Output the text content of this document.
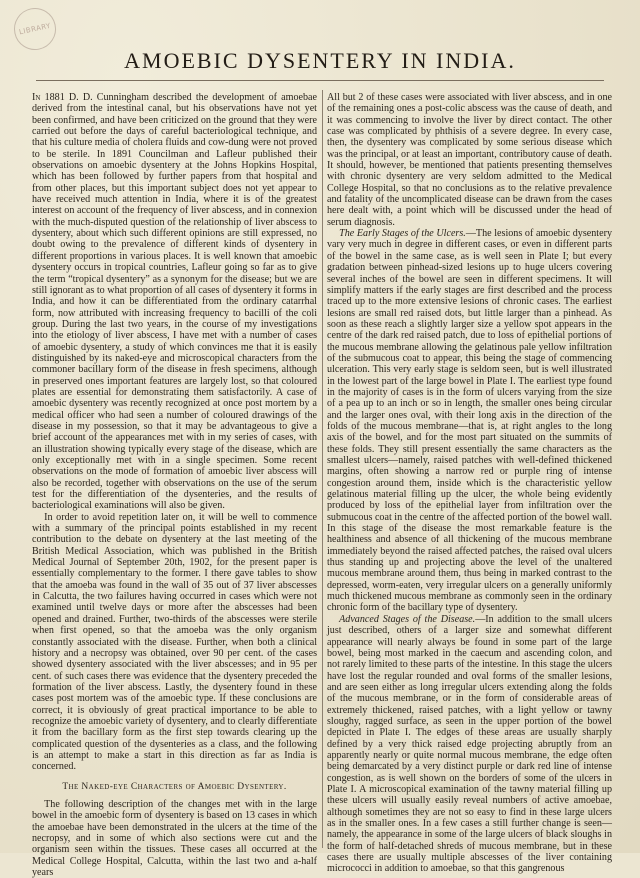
LIBRARY
AMOEBIC DYSENTERY IN INDIA.

In 1881 D. D. Cunningham described the development of amoebae derived from the intestinal canal, but his observations have not yet been confirmed, and have been criticized on the ground that they were carried out before the days of careful bacteriological technique, and that his culture media of cholera fluids and cow-dung were not proved to be sterile. In 1891 Councilman and Lafleur published their observations on amoebic dysentery at the Johns Hopkins Hospital, which has been followed by further papers from that hospital and from other places, but this important subject does not yet appear to have received much attention in India, where it is of the greatest interest on account of the frequency of liver abscess, and in connexion with the much-disputed question of the relationship of liver abscess to dysentery, about which such different opinions are still expressed, no doubt owing to the prevalence of different kinds of dysentery in different proportions in various places. It is well known that amoebic dysentery occurs in tropical countries, Lafleur going so far as to give the term “tropical dysentery” as a synonym for the disease; but we are still ignorant as to what proportion of all cases of dysentery it forms in India, and how it can be differentiated from the ordinary catarrhal form, now attributed with increasing frequency to bacilli of the coli group. During the last two years, in the course of my investigations into the etiology of liver abscess, I have met with a number of cases of amoebic dysentery, a study of which convinces me that it is easily distinguished by its naked-eye and microscopical characters from the commoner bacillary form of the disease in fresh specimens, although in preserved ones important features are largely lost, so that coloured plates are essential for demonstrating them satisfactorily. A case of amoebic dysentery was recently recognized at once post mortem by a medical officer who had seen a number of coloured drawings of the disease in my possession, so that it may be advantageous to give a brief account of the appearances met with in my series of cases, with an illustration showing typically every stage of the disease, which are only exceptionally met with in a single specimen. Some recent observations on the mode of formation of amoebic liver abscess will also be recorded, together with observations on the use of the serum test for the differentiation of the dysenteries, and the results of bacteriological examinations will also be given.

In order to avoid repetition later on, it will be well to commence with a summary of the principal points established in my recent contribution to the debate on dysentery at the last meeting of the British Medical Association, which was published in the British Medical Journal of September 20th, 1902, for the present paper is essentially complementary to the former. I there gave tables to show that the amoeba was found in the wall of 35 out of 37 liver abscesses in Calcutta, the two failures having occurred in cases which were not examined until twelve days or more after the abscesses had been opened and drained. Further, two-thirds of the abscesses were sterile when first opened, so that the amoeba was the only organism constantly associated with the disease. Further, when both a clinical history and a necropsy was obtained, over 90 per cent. of the cases showed dysentery associated with the liver abscesses; and in 95 per cent. of such cases there was evidence that the dysentery preceded the formation of the liver abscess. Lastly, the dysentery found in these cases post mortem was of the amoebic type. If these conclusions are correct, it is obviously of great practical importance to be able to recognize the amoebic variety of dysentery, and to clearly differentiate it from the bacillary form as the first step towards clearing up the complicated question of the dysenteries as a class, and the following is an attempt to make a start in this direction as far as India is concerned.

The Naked-eye Characters of Amoebic Dysentery.

The following description of the changes met with in the large bowel in the amoebic form of dysentery is based on 13 cases in which the amoebae have been demonstrated in the ulcers at the time of the necropsy, and in some of which also sections were cut and the organism seen within the tissues. These cases all occurred at the Medical College Hospital, Calcutta, within the last two and a-half years

All but 2 of these cases were associated with liver abscess, and in one of the remaining ones a post-colic abscess was the cause of death, and it was commencing to involve the liver by direct contact. The other case was complicated by phthisis of a severe degree. In every case, then, the dysentery was complicated by some serious disease which was the principal, or at least an important, contributory cause of death. It should, however, be mentioned that patients presenting themselves with chronic dysentery are very seldom admitted to the Medical College Hospital, so that no conclusions as to the relative prevalence and fatality of the uncomplicated disease can be drawn from the cases here dealt with, a point which will be discussed under the head of serum diagnosis.

The Early Stages of the Ulcers.—The lesions of amoebic dysentery vary very much in degree in different cases, or even in different parts of the bowel in the same case, as is well seen in Plate I; but every gradation between pinhead-sized lesions up to huge ulcers covering several inches of the bowel are seen in different specimens. It will simplify matters if the early stages are first described and the process traced up to the more extensive lesions of chronic cases. The earliest lesions are small red raised dots, but little larger than a pinhead. As soon as these reach a slightly larger size a yellow spot appears in the centre of the dark red raised patch, due to loss of epithelial portions of the mucous membrane allowing the gelatinous pale yellow infiltration of the submucous coat to appear, this being the stage of commencing ulceration. This very early stage is seldom seen, but is well illustrated in the lowest part of the large bowel in Plate I. The earliest type found in the majority of cases is in the form of ulcers varying from the size of a pea up to an inch or so in length, the smaller ones being circular and the larger ones oval, with their long axis in the direction of the folds of the mucous membrane—that is, at right angles to the long axis of the bowel, and for the most part situated on the summits of these folds. They still present essentially the same characters as the smallest ulcers—namely, raised patches with well-defined thickened margins, often showing a narrow red or purple ring of intense congestion around them, inside which is the characteristic yellow gelatinous material filling up the ulcer, the whole being evidently produced by loss of the epithelial layer from infiltration over the submucous coat in the centre of the affected portion of the bowel wall. In this stage of the disease the most remarkable feature is the healthiness and absence of all thickening of the mucous membrane immediately beyond the raised affected patches, the raised oval ulcers thus standing up and projecting above the level of the unaltered mucous membrane around them, thus being in marked contrast to the depressed, worm-eaten, very irregular ulcers on a generally uniformly much thickened mucous membrane as commonly seen in the ordinary chronic form of the bacillary type of dysentery.

Advanced Stages of the Disease.—In addition to the small ulcers just described, others of a larger size and somewhat different appearance will nearly always be found in some part of the large bowel, being most marked in the caecum and ascending colon, and not rarely limited to these parts of the intestine. In this stage the ulcers have lost the regular rounded and oval forms of the smaller lesions, and are seen either as long irregular ulcers extending along the folds of the mucous membrane, or in the form of considerable areas of extremely thickened, raised patches, with a light yellow or tawny sloughy, ragged surface, as seen in the upper portion of the bowel depicted in Plate I. The edges of these areas are usually sharply defined by a very thick raised edge projecting abruptly from an apparently nearly or quite normal mucous membrane, the edge often being demarcated by a very distinct purple or dark red line of intense congestion, as is well shown on the borders of some of the ulcers in Plate I. A microscopical examination of the tawny material filling up these ulcers will usually easily reveal numbers of active amoebae, although sometimes they are not so easy to find in these large ulcers as in the smaller ones. In a few cases a still further change is seen—namely, the appearance in some of the large ulcers of black sloughs in the form of half-detached shreds of mucous membrane, but in these cases there are usually multiple abscesses of the liver containing micrococci in addition to amoebae, so that this gangrenous
